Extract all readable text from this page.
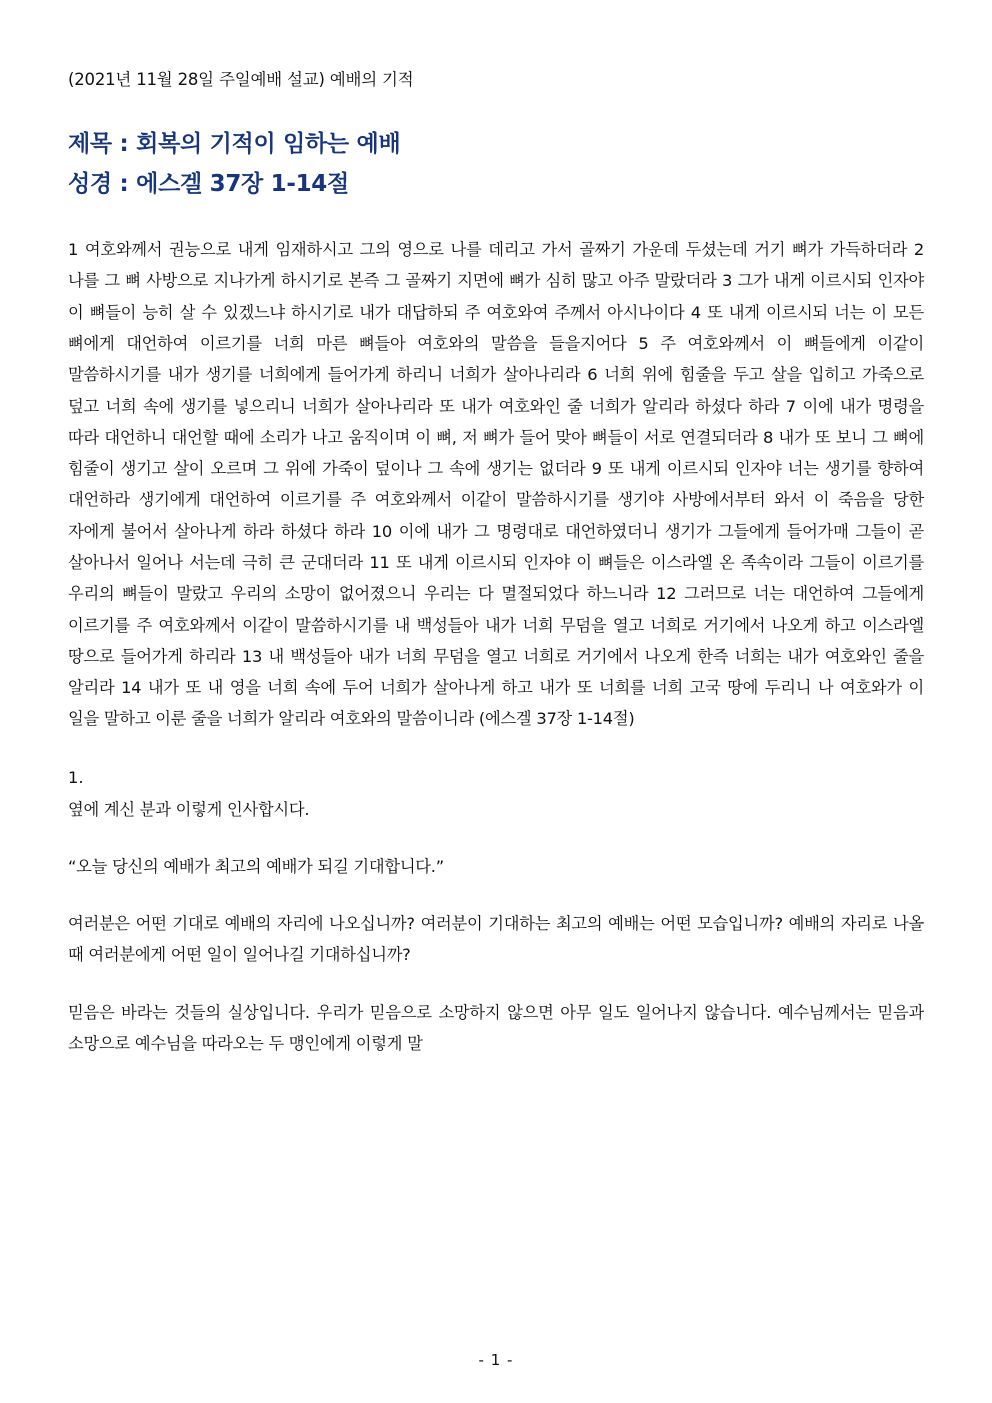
(2021년 11월 28일 주일예배 설교) 예배의 기적
제목 : 회복의 기적이 임하는 예배
성경 : 에스겔 37장 1-14절
1 여호와께서 권능으로 내게 임재하시고 그의 영으로 나를 데리고 가서 골짜기 가운데 두셨는데 거기 뼈가 가득하더라 2 나를 그 뼈 사방으로 지나가게 하시기로 본즉 그 골짜기 지면에 뼈가 심히 많고 아주 말랐더라 3 그가 내게 이르시되 인자야 이 뼈들이 능히 살 수 있겠느냐 하시기로 내가 대답하되 주 여호와여 주께서 아시나이다 4 또 내게 이르시되 너는 이 모든 뼈에게 대언하여 이르기를 너희 마른 뼈들아 여호와의 말씀을 들을지어다 5 주 여호와께서 이 뼈들에게 이같이 말씀하시기를 내가 생기를 너희에게 들어가게 하리니 너희가 살아나리라 6 너희 위에 힘줄을 두고 살을 입히고 가죽으로 덮고 너희 속에 생기를 넣으리니 너희가 살아나리라 또 내가 여호와인 줄 너희가 알리라 하셨다 하라 7 이에 내가 명령을 따라 대언하니 대언할 때에 소리가 나고 움직이며 이 뼈, 저 뼈가 들어 맞아 뼈들이 서로 연결되더라 8 내가 또 보니 그 뼈에 힘줄이 생기고 살이 오르며 그 위에 가죽이 덮이나 그 속에 생기는 없더라 9 또 내게 이르시되 인자야 너는 생기를 향하여 대언하라 생기에게 대언하여 이르기를 주 여호와께서 이같이 말씀하시기를 생기야 사방에서부터 와서 이 죽음을 당한 자에게 불어서 살아나게 하라 하셨다 하라 10 이에 내가 그 명령대로 대언하였더니 생기가 그들에게 들어가매 그들이 곧 살아나서 일어나 서는데 극히 큰 군대더라 11 또 내게 이르시되 인자야 이 뼈들은 이스라엘 온 족속이라 그들이 이르기를 우리의 뼈들이 말랐고 우리의 소망이 없어졌으니 우리는 다 멸절되었다 하느니라 12 그러므로 너는 대언하여 그들에게 이르기를 주 여호와께서 이같이 말씀하시기를 내 백성들아 내가 너희 무덤을 열고 너희로 거기에서 나오게 하고 이스라엘 땅으로 들어가게 하리라 13 내 백성들아 내가 너희 무덤을 열고 너희로 거기에서 나오게 한즉 너희는 내가 여호와인 줄을 알리라 14 내가 또 내 영을 너희 속에 두어 너희가 살아나게 하고 내가 또 너희를 너희 고국 땅에 두리니 나 여호와가 이 일을 말하고 이룬 줄을 너희가 알리라 여호와의 말씀이니라 (에스겔 37장 1-14절)
1.
옆에 계신 분과 이렇게 인사합시다.
“오늘 당신의 예배가 최고의 예배가 되길 기대합니다.”
여러분은 어떤 기대로 예배의 자리에 나오십니까? 여러분이 기대하는 최고의 예배는 어떤 모습입니까? 예배의 자리로 나올 때 여러분에게 어떤 일이 일어나길 기대하십니까?
믿음은 바라는 것들의 실상입니다. 우리가 믿음으로 소망하지 않으면 아무 일도 일어나지 않습니다. 예수님께서는 믿음과 소망으로 예수님을 따라오는 두 맹인에게 이렇게 말
- 1 -
